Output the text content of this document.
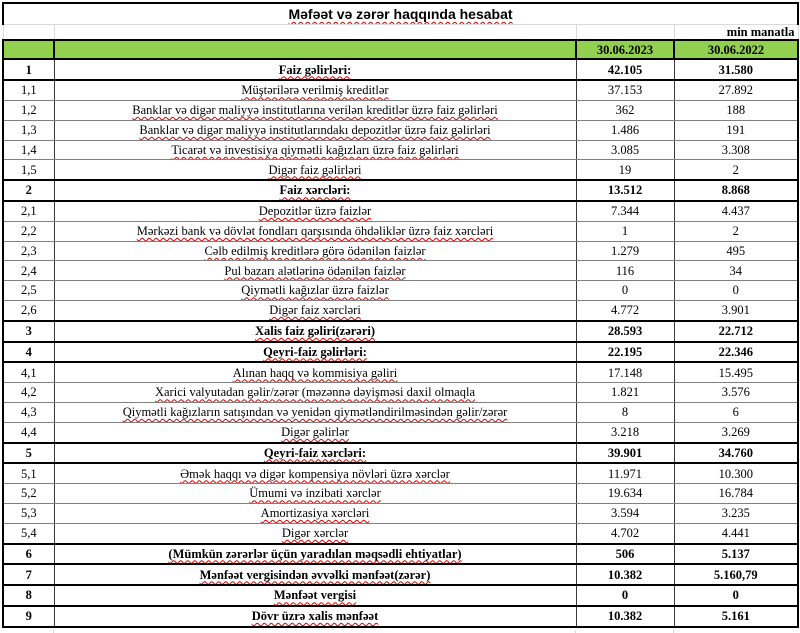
Məfəət və zərər haqqında hesabat			
			min manatla
		30.06.2023	30.06.2022
1	Faiz gəlirləri:	42.105	31.580
1,1	Müştərilərə verilmiş kreditlər	37.153	27.892
1,2	Banklar və digər maliyyə institutlarına verilən kreditlər üzrə faiz gəlirləri	362	188
1,3	Banklar və digər maliyyə institutlarındakı depozitlər üzrə faiz gəlirləri	1.486	191
1,4	Ticarət və investisiya qiymətli kağızları üzrə faiz gəlirləri	3.085	3.308
1,5	Digər faiz gəlirləri	19	2
2	Faiz xərcləri:	13.512	8.868
2,1	Depozitlər üzrə faizlər	7.344	4.437
2,2	Mərkəzi bank və dövlət fondları qarşısında öhdəliklər üzrə faiz xərcləri	1	2
2,3	Cəlb edilmiş kreditlərə görə ödənilən faizlər	1.279	495
2,4	Pul bazarı alətlərinə ödənilən faizlər	116	34
2,5	Qiymətli kağızlar üzrə faizlər	0	0
2,6	Digər faiz xərcləri	4.772	3.901
3	Xalis faiz gəliri(zərəri)	28.593	22.712
4	Qeyri-faiz gəlirləri:	22.195	22.346
4,1	Alınan haqq və kommisiya gəliri	17.148	15.495
4,2	Xarici valyutadan gəlir/zərər (məzənnə dəyişməsi daxil olmaqla	1.821	3.576
4,3	Qiymətli kağızların satışından və yenidən qiymətləndirilməsindən gəlir/zərər	8	6
4,4	Digər gəlirlər	3.218	3.269
5	Qeyri-faiz xərcləri:	39.901	34.760
5,1	Əmək haqqı və digər kompensiya növləri üzrə xərclər	11.971	10.300
5,2	Ümumi və inzibati xərclər	19.634	16.784
5,3	Amortizasiya xərcləri	3.594	3.235
5,4	Digər xərclər	4.702	4.441
6	(Mümkün zərərlər üçün yaradılan məqsədli ehtiyatlar)	506	5.137
7	Mənfəət vergisindən əvvəlki mənfəət(zərər)	10.382	5.160,79
8	Mənfəət vergisi	0	0
9	Dövr üzrə xalis mənfəət	10.382	5.161
